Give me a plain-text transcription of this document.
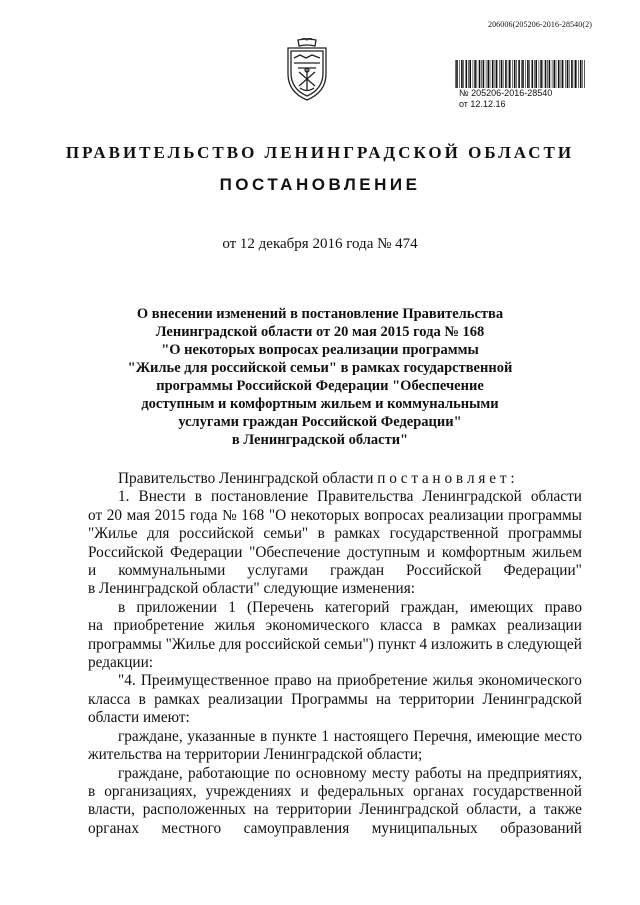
206006(205206-2016-28540(2)
№ 205206-2016-28540
от 12.12.16
ПРАВИТЕЛЬСТВО ЛЕНИНГРАДСКОЙ ОБЛАСТИ
ПОСТАНОВЛЕНИЕ
от 12 декабря 2016 года № 474
О внесении изменений в постановление Правительства
Ленинградской области от 20 мая 2015 года № 168
"О некоторых вопросах реализации программы
"Жилье для российской семьи" в рамках государственной
программы Российской Федерации "Обеспечение
доступным и комфортным жильем и коммунальными
услугами граждан Российской Федерации"
в Ленинградской области"
Правительство Ленинградской области п о с т а н о в л я е т :
1. Внести в постановление Правительства Ленинградской области
от 20 мая 2015 года № 168 "О некоторых вопросах реализации программы
"Жилье для российской семьи" в рамках государственной программы
Российской Федерации "Обеспечение доступным и комфортным жильем
и коммунальными услугами граждан Российской Федерации"
в Ленинградской области" следующие изменения:
в приложении 1 (Перечень категорий граждан, имеющих право
на приобретение жилья экономического класса в рамках реализации
программы "Жилье для российской семьи") пункт 4 изложить в следующей
редакции:
"4. Преимущественное право на приобретение жилья экономического
класса в рамках реализации Программы на территории Ленинградской
области имеют:
граждане, указанные в пункте 1 настоящего Перечня, имеющие место
жительства на территории Ленинградской области;
граждане, работающие по основному месту работы на предприятиях,
в организациях, учреждениях и федеральных органах государственной
власти, расположенных на территории Ленинградской области, а также
органах местного самоуправления муниципальных образований
